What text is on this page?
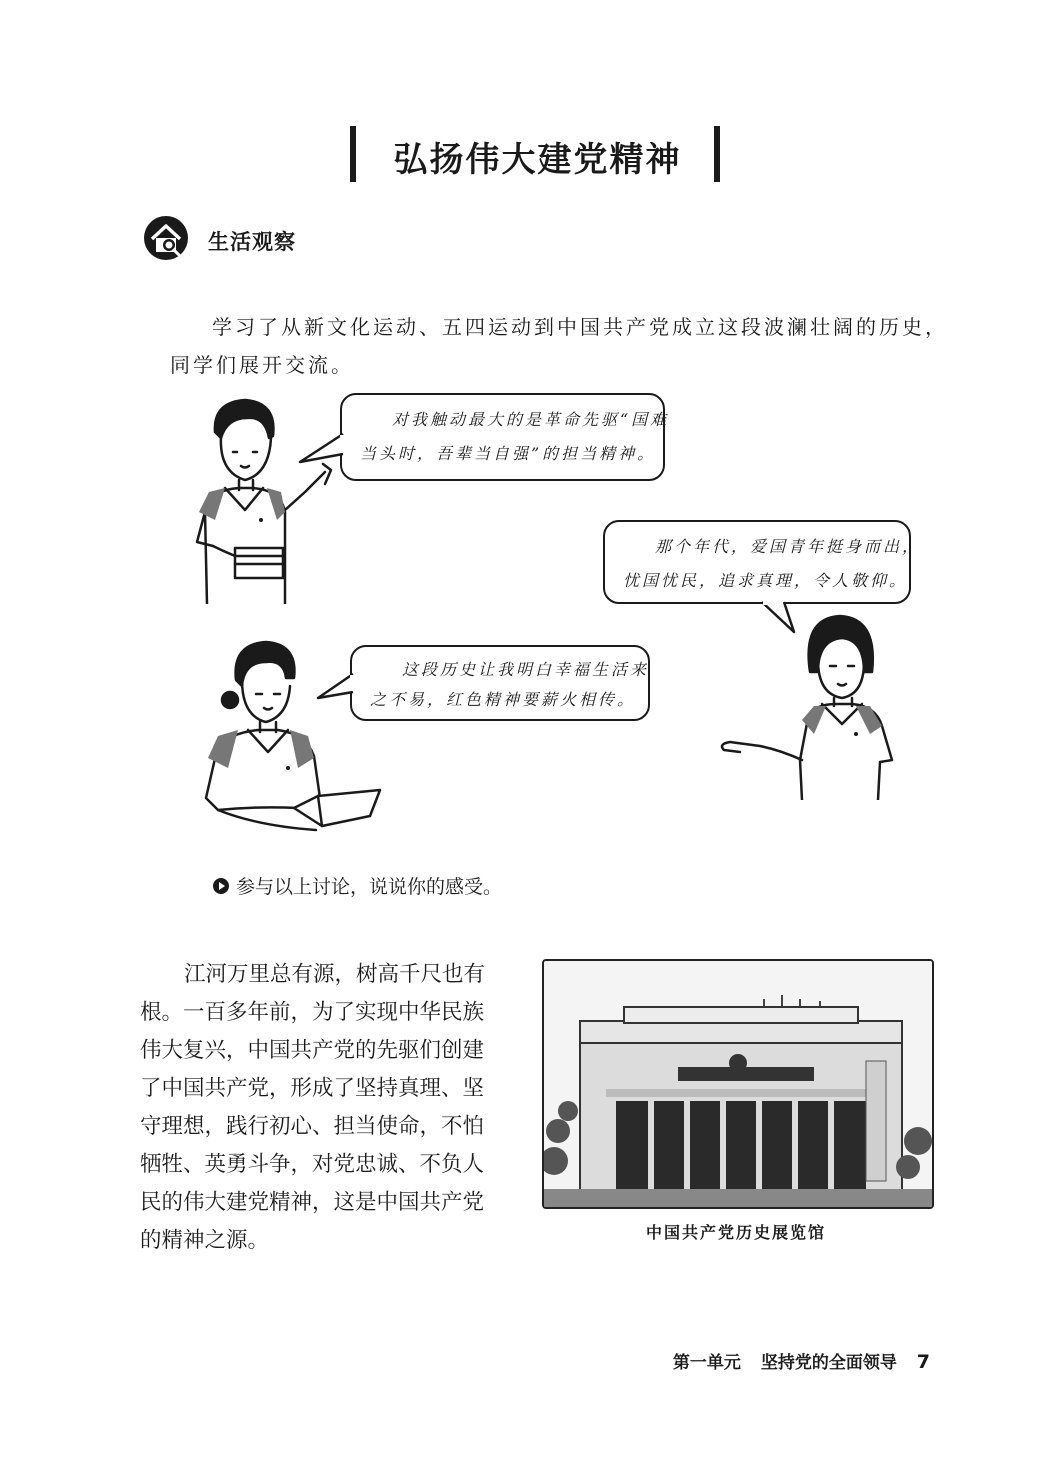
弘扬伟大建党精神
生活观察
学习了从新文化运动、五四运动到中国共产党成立这段波澜壮阔的历史，
同学们展开交流。
对我触动最大的是革命先驱“国难
当头时，吾辈当自强”的担当精神。
那个年代，爱国青年挺身而出，
忧国忧民，追求真理，令人敬仰。
这段历史让我明白幸福生活来
之不易，红色精神要薪火相传。
参与以上讨论，说说你的感受。
江河万里总有源，树高千尺也有
根。一百多年前，为了实现中华民族
伟大复兴，中国共产党的先驱们创建
了中国共产党，形成了坚持真理、坚
守理想，践行初心、担当使命，不怕
牺牲、英勇斗争，对党忠诚、不负人
民的伟大建党精神，这是中国共产党
的精神之源。	中国共产党历史展览馆
第一单元 坚持党的全面领导 7
